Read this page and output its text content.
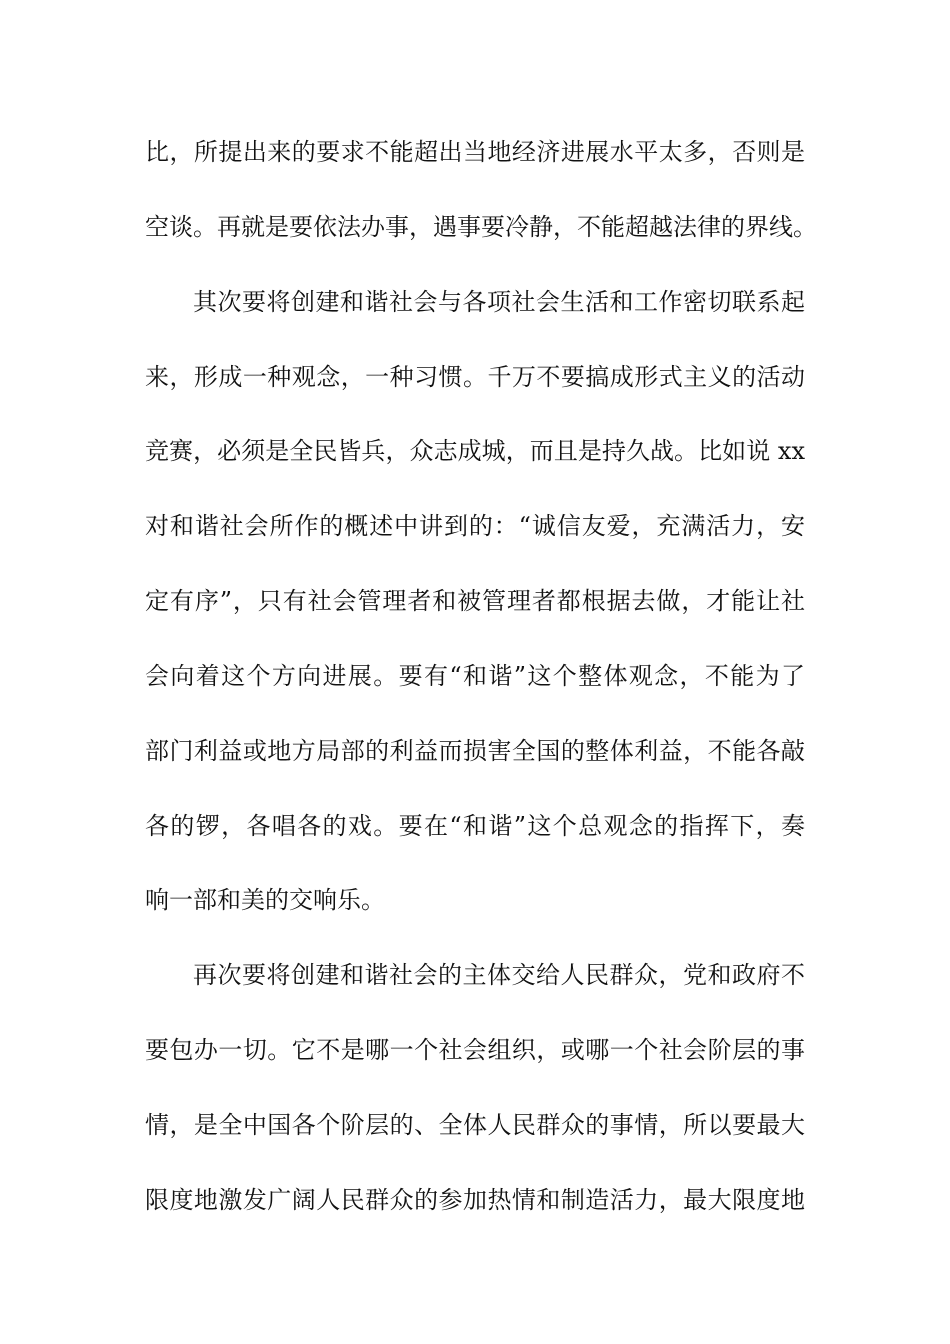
比，所提出来的要求不能超出当地经济进展水平太多，否则是
空谈。再就是要依法办事，遇事要冷静，不能超越法律的界线。
其次要将创建和谐社会与各项社会生活和工作密切联系起
来，形成一种观念，一种习惯。千万不要搞成形式主义的活动
竞赛，必须是全民皆兵，众志成城，而且是持久战。比如说 xx
对和谐社会所作的概述中讲到的：“诚信友爱，充满活力，安
定有序”，只有社会管理者和被管理者都根据去做，才能让社
会向着这个方向进展。要有“和谐”这个整体观念，不能为了
部门利益或地方局部的利益而损害全国的整体利益，不能各敲
各的锣，各唱各的戏。要在“和谐”这个总观念的指挥下，奏
响一部和美的交响乐。
再次要将创建和谐社会的主体交给人民群众，党和政府不
要包办一切。它不是哪一个社会组织，或哪一个社会阶层的事
情，是全中国各个阶层的、全体人民群众的事情，所以要最大
限度地激发广阔人民群众的参加热情和制造活力，最大限度地
